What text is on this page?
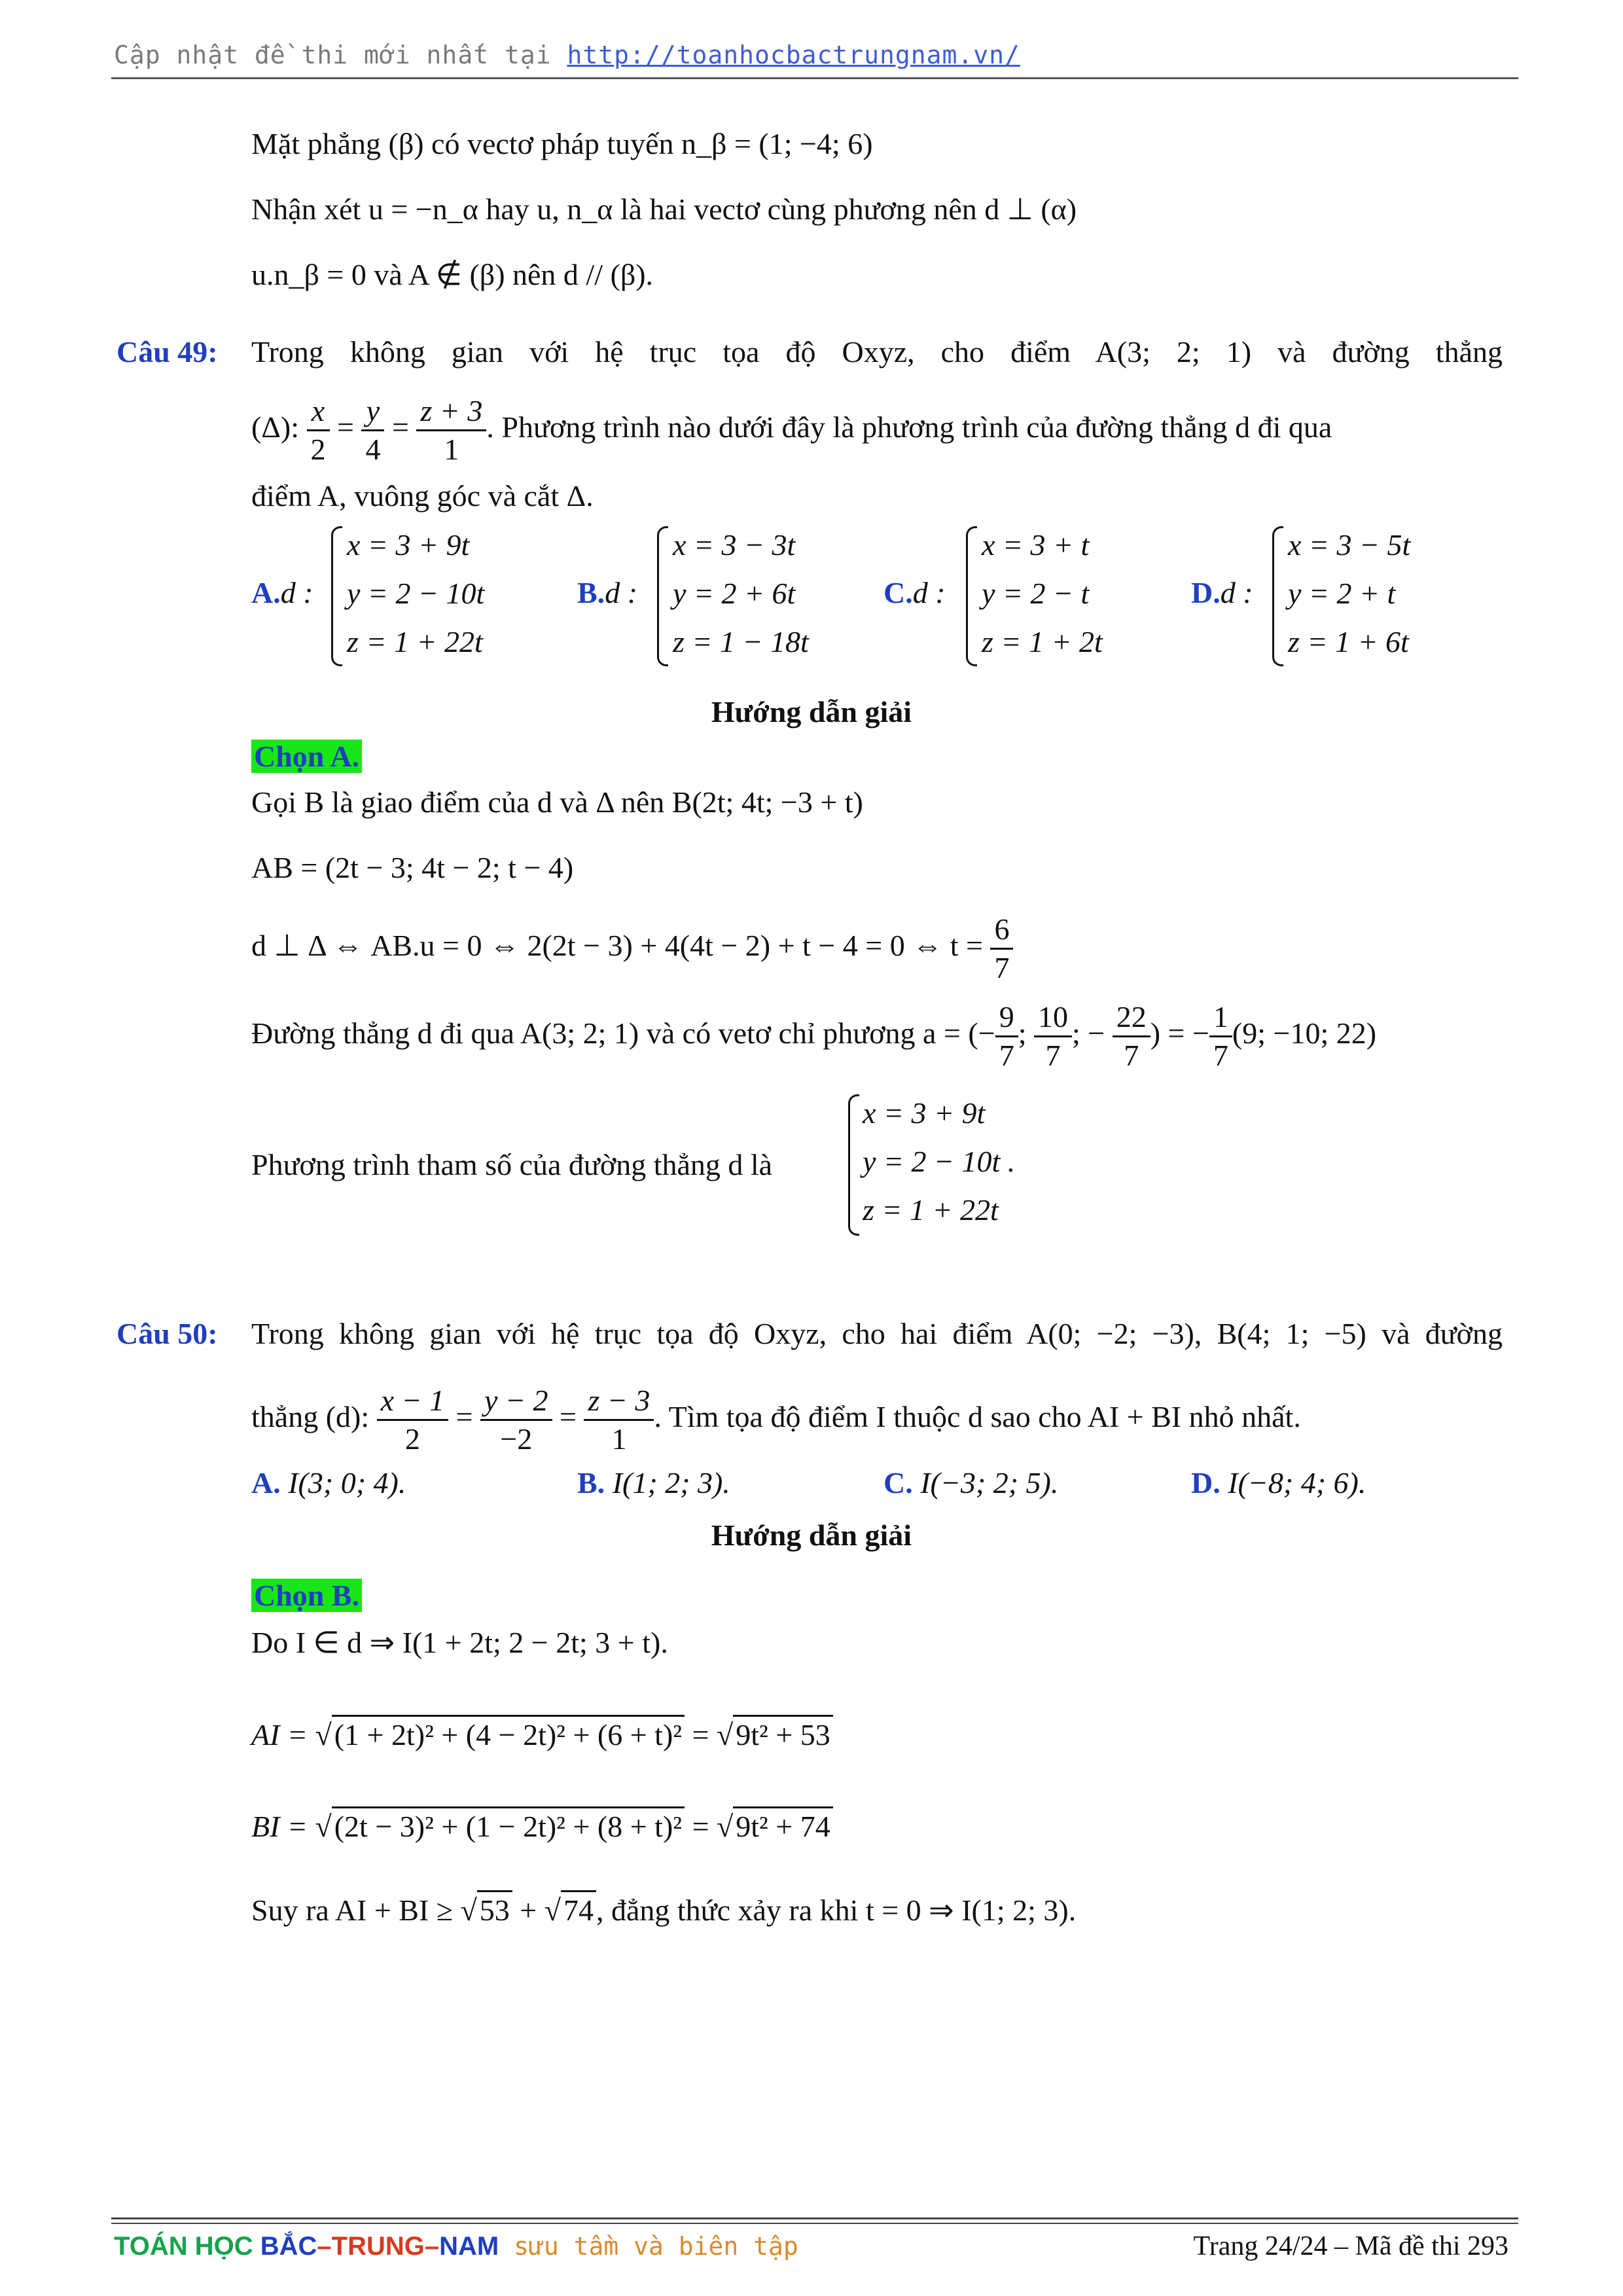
Cập nhật đề thi mới nhất tại http://toanhocbactrungnam.vn/
Mặt phẳng (β) có vectơ pháp tuyến n_β = (1; −4; 6)
Nhận xét u = −n_α hay u, n_α là hai vectơ cùng phương nên d ⊥ (α)
u.n_β = 0 và A ∉ (β) nên d // (β).
Câu 49: Trong không gian với hệ trục tọa độ Oxyz, cho điểm A(3; 2; 1) và đường thẳng
(Δ): $\frac{x}{2} = \frac{y}{4} = \frac{z + 3}{1}$ . Phương trình nào dưới đây là phương trình của đường thẳng d đi qua
điểm A, vuông góc và cắt Δ.
A.d :
x = 3 + 9t
y = 2 − 10t
z = 1 + 22t
B.d :
x = 3 − 3t
y = 2 + 6t
z = 1 − 18t
C.d :
x = 3 + t
y = 2 − t
z = 1 + 2t
D.d :
x = 3 − 5t
y = 2 + t
z = 1 + 6t
Hướng dẫn giải
Chọn A.
Gọi B là giao điểm của d và Δ nên B(2t; 4t; −3 + t)
AB = (2t − 3; 4t − 2; t − 4)
d ⊥ Δ ⇔ AB.u = 0 ⇔ 2(2t − 3) + 4(4t − 2) + t − 4 = 0 ⇔ $t = \frac{6}{7}$
Đường thẳng d đi qua A(3; 2; 1) và có vetơ chỉ phương a = (− $\frac{9}{7}$ ; $\frac{10}{7}$ ; − $\frac{22}{7}$ ) = − $\frac{1}{7} (9$; −10; 22)
Phương trình tham số của đường thẳng d là
x = 3 + 9t
y = 2 − 10t .
z = 1 + 22t
Câu 50: Trong không gian với hệ trục tọa độ Oxyz, cho hai điểm A(0; −2; −3), B(4; 1; −5) và đường
thẳng (d): $\frac{x - 1}{2} = \frac{y - 2}{-2} = \frac{z - 3}{1}$ . Tìm tọa độ điểm I thuộc d sao cho AI + BI nhỏ nhất.
A. I(3; 0; 4).	B. I(1; 2; 3).	C. I(−3; 2; 5).	D. I(−8; 4; 6).
Hướng dẫn giải
Chọn B.
Do I ∈ d ⇒ I(1 + 2t; 2 − 2t; 3 + t).
AI = √(1 + 2t)² + (4 − 2t)² + (6 + t)² = √9t² + 53
BI = √(2t − 3)² + (1 − 2t)² + (8 + t)² = √9t² + 74
Suy ra AI + BI ≥ √53 + √74, đẳng thức xảy ra khi t = 0 ⇒ I(1; 2; 3).
TOÁN HỌC BẮC–TRUNG–NAM sưu tầm và biên tập	Trang 24/24 – Mã đề thi 293
